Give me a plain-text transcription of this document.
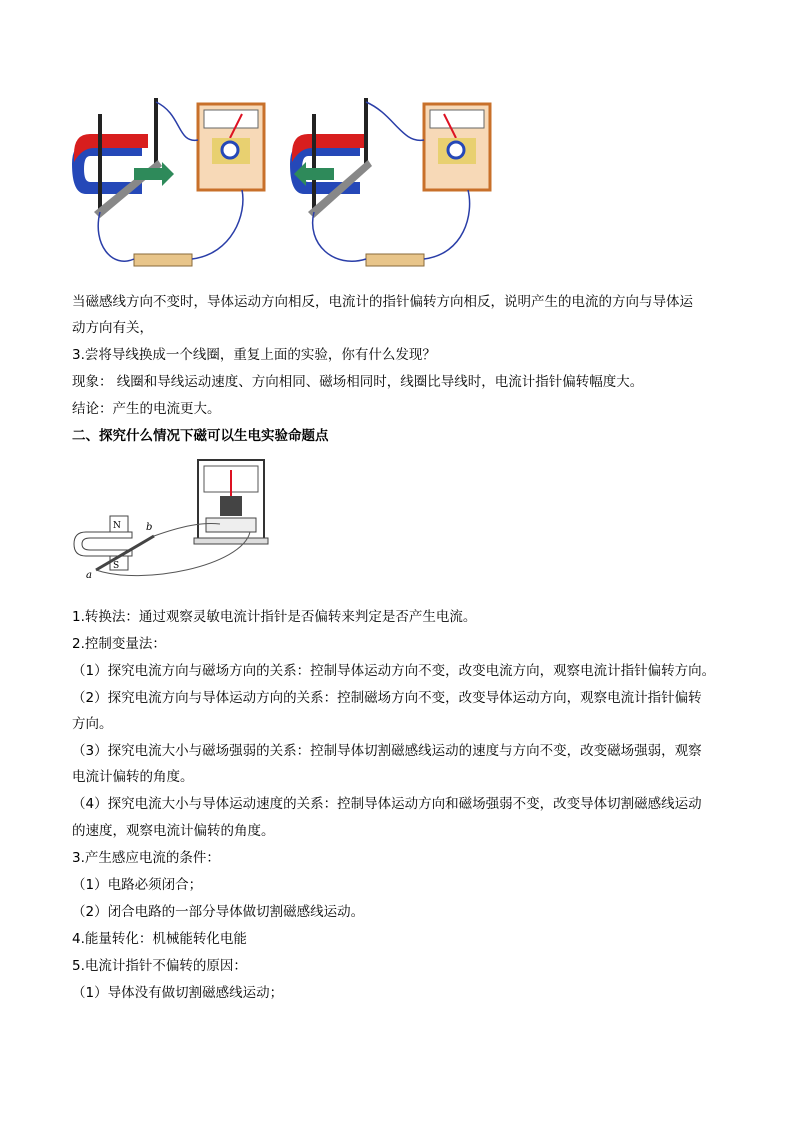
当磁感线方向不变时，导体运动方向相反，电流计的指针偏转方向相反，说明产生的电流的方向与导体运
动方向有关，
3.尝将导线换成一个线圈，重复上面的实验，你有什么发现？
现象： 线圈和导线运动速度、方向相同、磁场相同时，线圈比导线时，电流计指针偏转幅度大。
结论：产生的电流更大。
二、探究什么情况下磁可以生电实验命题点
N
S
a
b
1.转换法：通过观察灵敏电流计指针是否偏转来判定是否产生电流。
2.控制变量法：
（1）探究电流方向与磁场方向的关系：控制导体运动方向不变，改变电流方向，观察电流计指针偏转方向。
（2）探究电流方向与导体运动方向的关系：控制磁场方向不变，改变导体运动方向，观察电流计指针偏转
方向。
（3）探究电流大小与磁场强弱的关系：控制导体切割磁感线运动的速度与方向不变，改变磁场强弱，观察
电流计偏转的角度。
（4）探究电流大小与导体运动速度的关系：控制导体运动方向和磁场强弱不变，改变导体切割磁感线运动
的速度，观察电流计偏转的角度。
3.产生感应电流的条件：
（1）电路必须闭合；
（2）闭合电路的一部分导体做切割磁感线运动。
4.能量转化：机械能转化电能
5.电流计指针不偏转的原因：
（1）导体没有做切割磁感线运动；
